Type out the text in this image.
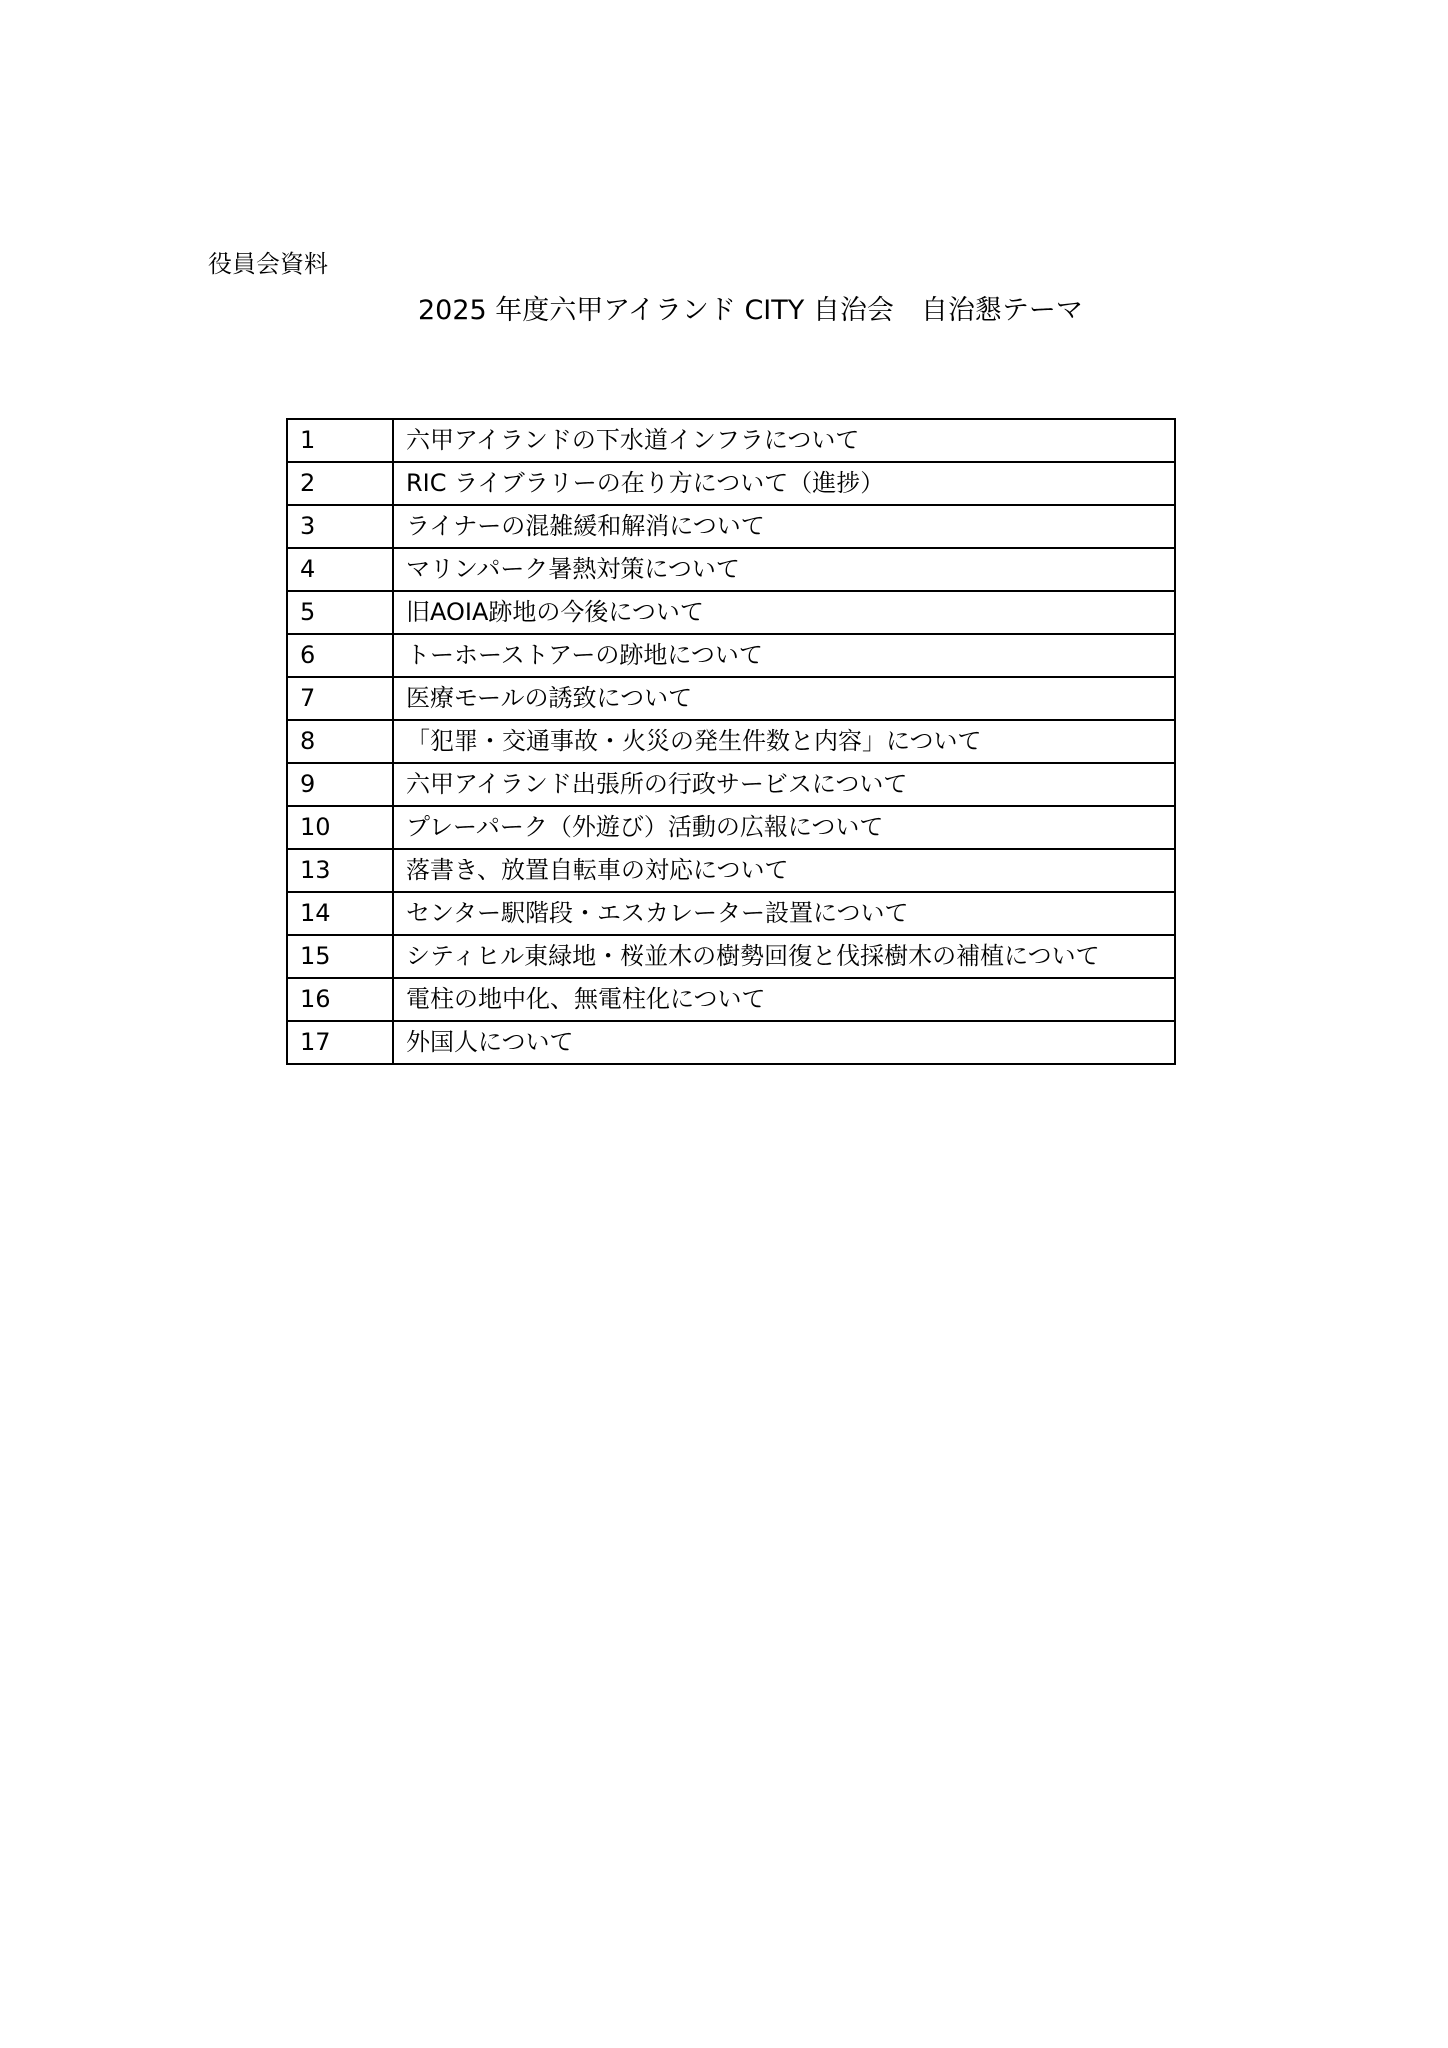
役員会資料
2025 年度六甲アイランド CITY 自治会　自治懇テーマ
1	六甲アイランドの下水道インフラについて
2	RIC ライブラリーの在り方について（進捗）
3	ライナーの混雑緩和解消について
4	マリンパーク暑熱対策について
5	旧AOIA跡地の今後について
6	トーホーストアーの跡地について
7	医療モールの誘致について
8	「犯罪・交通事故・火災の発生件数と内容」について
9	六甲アイランド出張所の行政サービスについて
10	プレーパーク（外遊び）活動の広報について
13	落書き、放置自転車の対応について
14	センター駅階段・エスカレーター設置について
15	シティヒル東緑地・桜並木の樹勢回復と伐採樹木の補植について
16	電柱の地中化、無電柱化について
17	外国人について
